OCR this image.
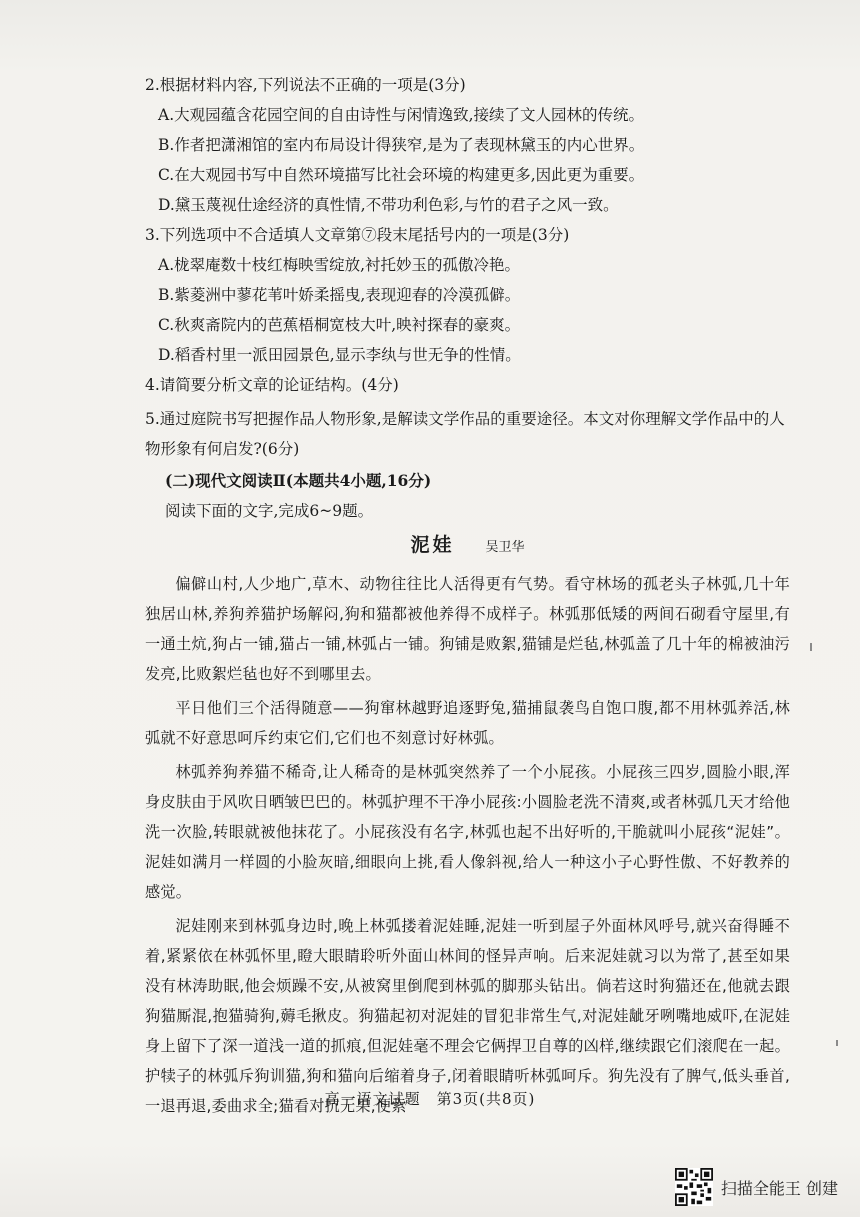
2.根据材料内容,下列说法不正确的一项是(3分)
A.大观园蕴含花园空间的自由诗性与闲情逸致,接续了文人园林的传统。
B.作者把潇湘馆的室内布局设计得狭窄,是为了表现林黛玉的内心世界。
C.在大观园书写中自然环境描写比社会环境的构建更多,因此更为重要。
D.黛玉蔑视仕途经济的真性情,不带功利色彩,与竹的君子之风一致。
3.下列选项中不合适填人文章第⑦段末尾括号内的一项是(3分)
A.栊翠庵数十枝红梅映雪绽放,衬托妙玉的孤傲冷艳。
B.紫菱洲中蓼花苇叶娇柔摇曳,表现迎春的冷漠孤僻。
C.秋爽斋院内的芭蕉梧桐宽枝大叶,映衬探春的豪爽。
D.稻香村里一派田园景色,显示李纨与世无争的性情。
4.请简要分析文章的论证结构。(4分)
5.通过庭院书写把握作品人物形象,是解读文学作品的重要途径。本文对你理解文学作品中的人物形象有何启发?(6分)
(二)现代文阅读Ⅱ(本题共4小题,16分)
阅读下面的文字,完成6~9题。
泥娃 吴卫华

偏僻山村,人少地广,草木、动物往往比人活得更有气势。看守林场的孤老头子林弧,几十年独居山林,养狗养猫护场解闷,狗和猫都被他养得不成样子。林弧那低矮的两间石砌看守屋里,有一通土炕,狗占一铺,猫占一铺,林弧占一铺。狗铺是败絮,猫铺是烂毡,林弧盖了几十年的棉被油污发亮,比败絮烂毡也好不到哪里去。

平日他们三个活得随意——狗窜林越野追逐野兔,猫捕鼠袭鸟自饱口腹,都不用林弧养活,林弧就不好意思呵斥约束它们,它们也不刻意讨好林弧。

林弧养狗养猫不稀奇,让人稀奇的是林弧突然养了一个小屁孩。小屁孩三四岁,圆脸小眼,浑身皮肤由于风吹日晒皱巴巴的。林弧护理不干净小屁孩:小圆脸老洗不清爽,或者林弧几天才给他洗一次脸,转眼就被他抹花了。小屁孩没有名字,林弧也起不出好听的,干脆就叫小屁孩“泥娃”。泥娃如满月一样圆的小脸灰暗,细眼向上挑,看人像斜视,给人一种这小子心野性傲、不好教养的感觉。

泥娃刚来到林弧身边时,晚上林弧搂着泥娃睡,泥娃一听到屋子外面林风呼号,就兴奋得睡不着,紧紧依在林弧怀里,瞪大眼睛聆听外面山林间的怪异声响。后来泥娃就习以为常了,甚至如果没有林涛助眠,他会烦躁不安,从被窝里倒爬到林弧的脚那头钻出。倘若这时狗猫还在,他就去跟狗猫厮混,抱猫骑狗,薅毛揪皮。狗猫起初对泥娃的冒犯非常生气,对泥娃龇牙咧嘴地威吓,在泥娃身上留下了深一道浅一道的抓痕,但泥娃毫不理会它俩捍卫自尊的凶样,继续跟它们滚爬在一起。护犊子的林弧斥狗训猫,狗和猫向后缩着身子,闭着眼睛听林弧呵斥。狗先没有了脾气,低头垂首,一退再退,委曲求全;猫看对抗无果,便索

高一语文试题　第3页(共8页)
扫描全能王 创建
